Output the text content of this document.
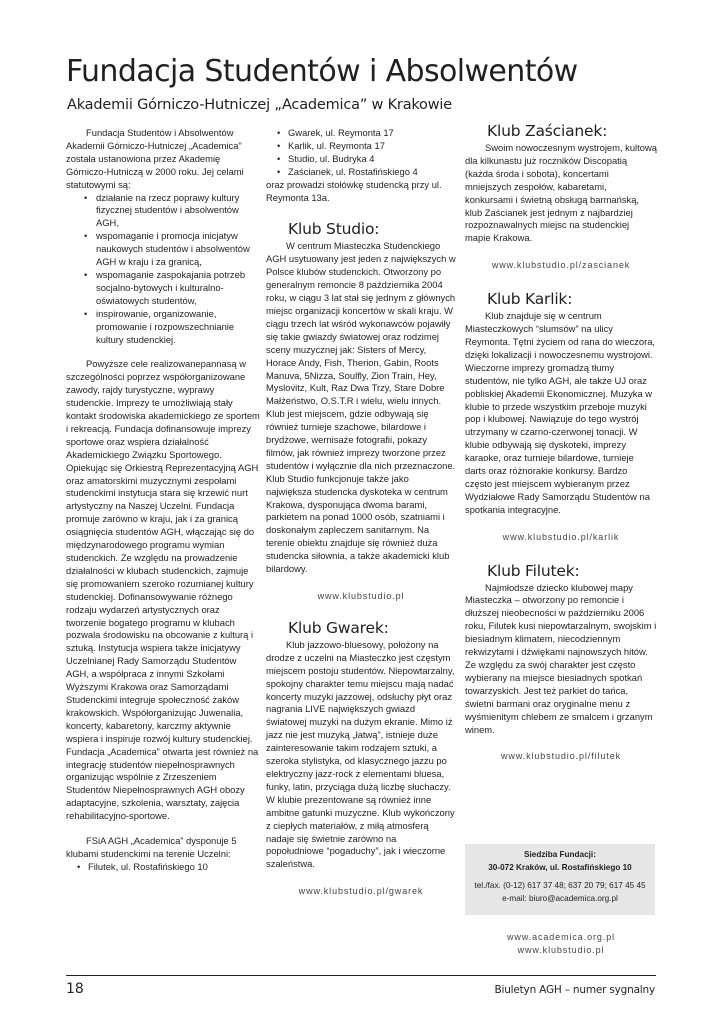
Fundacja Studentów i Absolwentów
Akademii Górniczo-Hutniczej „Academica” w Krakowie

Fundacja Studentów i Absolwentów Akademii Górniczo-Hutniczej „Academica” została ustanowiona przez Akademię Górniczo-Hutniczą w 2000 roku. Jej celami statutowymi są:

• działanie na rzecz poprawy kultury fizycznej studentów i absolwentów AGH,
• wspomaganie i promocja inicjatyw naukowych studentów i absolwentów AGH w kraju i za granicą,
• wspomaganie zaspokajania potrzeb socjalno-bytowych i kulturalno-oświatowych studentów,
• inspirowanie, organizowanie, promowanie i rozpowszechnianie kultury studenckiej.

Powyższe cele realizowanepannasą w szczególności poprzez współorganizowane zawody, rajdy turystyczne, wyprawy studenckie. Imprezy te umożliwiają stały kontakt środowiska akademickiego ze sportem i rekreacją. Fundacja dofinansowuje imprezy sportowe oraz wspiera działalność Akademickiego Związku Sportowego. Opiekując się Orkiestrą Reprezentacyjną AGH oraz amatorskimi muzycznymi zespołami studenckimi instytucja stara się krzewić nurt artystyczny na Naszej Uczelni. Fundacja promuje zarówno w kraju, jak i za granicą osiągnięcia studentów AGH, włączając się do międzynarodowego programu wymian studenckich. Ze względu na prowadzenie działalności w klubach studenckich, zajmuje się promowaniem szeroko rozumianej kultury studenckiej. Dofinansowywanie różnego rodzaju wydarzeń artystycznych oraz tworzenie bogatego programu w klubach pozwala środowisku na obcowanie z kulturą i sztuką. Instytucja wspiera także inicjatywy Uczelnianej Rady Samorządu Studentów AGH, a współpraca z innymi Szkołami Wyższymi Krakowa oraz Samorządami Studenckimi integruje społeczność żaków krakowskich. Współorganizując Juwenalia, koncerty, kabaretony, karczmy aktywnie wspiera i inspiruje rozwój kultury studenckiej. Fundacja „Academica” otwarta jest również na integrację studentów niepełnosprawnych organizując wspólnie z Zrzeszeniem Studentów Niepełnosprawnych AGH obozy adaptacyjne, szkolenia, warsztaty, zajęcia rehabilitacyjno-sportowe.

FSiA AGH „Academica” dysponuje 5 klubami studenckimi na terenie Uczelni:

• Filutek, ul. Rostafińskiego 10
• Gwarek, ul. Reymonta 17
• Karlik, ul. Reymonta 17
• Studio, ul. Budryka 4
• Zaścianek, ul. Rostafińskiego 4

oraz prowadzi stołówkę studencką przy ul. Reymonta 13a.

Klub Studio:

W centrum Miasteczka Studenckiego AGH usytuowany jest jeden z największych w Polsce klubów studenckich. Otworzony po generalnym remoncie 8 października 2004 roku, w ciągu 3 lat stał się jednym z głównych miejsc organizacji koncertów w skali kraju. W ciągu trzech lat wśród wykonawców pojawiły się takie gwiazdy światowej oraz rodzimej sceny muzycznej jak: Sisters of Mercy, Horace Andy, Fish, Therion, Gabin, Roots Manuva, 5Nizza, Soulfly, Zion Train, Hey, Myslovitz, Kult, Raz Dwa Trzy, Stare Dobre Małżeństwo, O.S.T.R i wielu, wielu innych. Klub jest miejscem, gdzie odbywają się również turnieje szachowe, bilardowe i brydżowe, wernisaże fotografii, pokazy filmów, jak również imprezy tworzone przez studentów i wyłącznie dla nich przeznaczone. Klub Studio funkcjonuje także jako największa studencka dyskoteka w centrum Krakowa, dysponująca dwoma barami, parkietem na ponad 1000 osób, szatniami i doskonałym zapleczem sanitarnym. Na terenie obiektu znajduje się również duża studencka siłownia, a także akademicki klub bilardowy.

www.klubstudio.pl
Klub Gwarek:

Klub jazzowo-bluesowy, położony na drodze z uczelni na Miasteczko jest częstym miejscem postoju studentów. Niepowtarzalny, spokojny charakter temu miejscu mają nadać koncerty muzyki jazzowej, odsłuchy płyt oraz nagrania LIVE największych gwiazd światowej muzyki na dużym ekranie. Mimo iż jazz nie jest muzyką „łatwą”, istnieje duże zainteresowanie takim rodzajem sztuki, a szeroka stylistyka, od klasycznego jazzu po elektryczny jazz-rock z elementami bluesa, funky, latin, przyciąga dużą liczbę słuchaczy. W klubie prezentowane są również inne ambitne gatunki muzyczne. Klub wykończony z ciepłych materiałów, z miłą atmosferą nadaje się świetnie zarówno na popołudniowe “pogaduchy”, jak i wieczorne szaleństwa.

www.klubstudio.pl/gwarek
Klub Zaścianek:

Swoim nowoczesnym wystrojem, kultową dla kilkunastu już roczników Discopatią (każda środa i sobota), koncertami mniejszych zespołów, kabaretami, konkursami i świetną obsługą barmańską, klub Zaścianek jest jednym z najbardziej rozpoznawalnych miejsc na studenckiej mapie Krakowa.

www.klubstudio.pl/zascianek
Klub Karlik:

Klub znajduje się w centrum Miasteczkowych “slumsów” na ulicy Reymonta. Tętni życiem od rana do wieczora, dzięki lokalizacji i nowoczesnemu wystrojowi. Wieczorne imprezy gromadzą tłumy studentów, nie tylko AGH, ale także UJ oraz pobliskiej Akademii Ekonomicznej. Muzyka w klubie to przede wszystkim przeboje muzyki pop i klubowej. Nawiązuje do tego wystrój utrzymany w czarno-czerwonej tonacji. W klubie odbywają się dyskoteki, imprezy karaoke, oraz turnieje bilardowe, turnieje darts oraz różnorakie konkursy. Bardzo często jest miejscem wybieranym przez Wydziałowe Rady Samorządu Studentów na spotkania integracyjne.

www.klubstudio.pl/karlik
Klub Filutek:

Najmłodsze dziecko klubowej mapy Miasteczka – otworzony po remoncie i dłuższej nieobecności w październiku 2006 roku, Filutek kusi niepowtarzalnym, swojskim i biesiadnym klimatem, niecodziennym rekwizytami i dźwiękami najnowszych hitów. Ze względu za swój charakter jest często wybierany na miejsce biesiadnych spotkań towarzyskich. Jest też parkiet do tańca, świetni barmani oraz oryginalne menu z wyśmienitym chlebem ze smalcem i grzanym winem.

www.klubstudio.pl/filutek
Siedziba Fundacji:
30-072 Kraków, ul. Rostafińskiego 10
tel./fax. (0-12) 617 37 48; 637 20 79; 617 45 45
e-mail: biuro@academica.org.pl
www.academica.org.pl
www.klubstudio.pl
18	Biuletyn AGH – numer sygnalny
